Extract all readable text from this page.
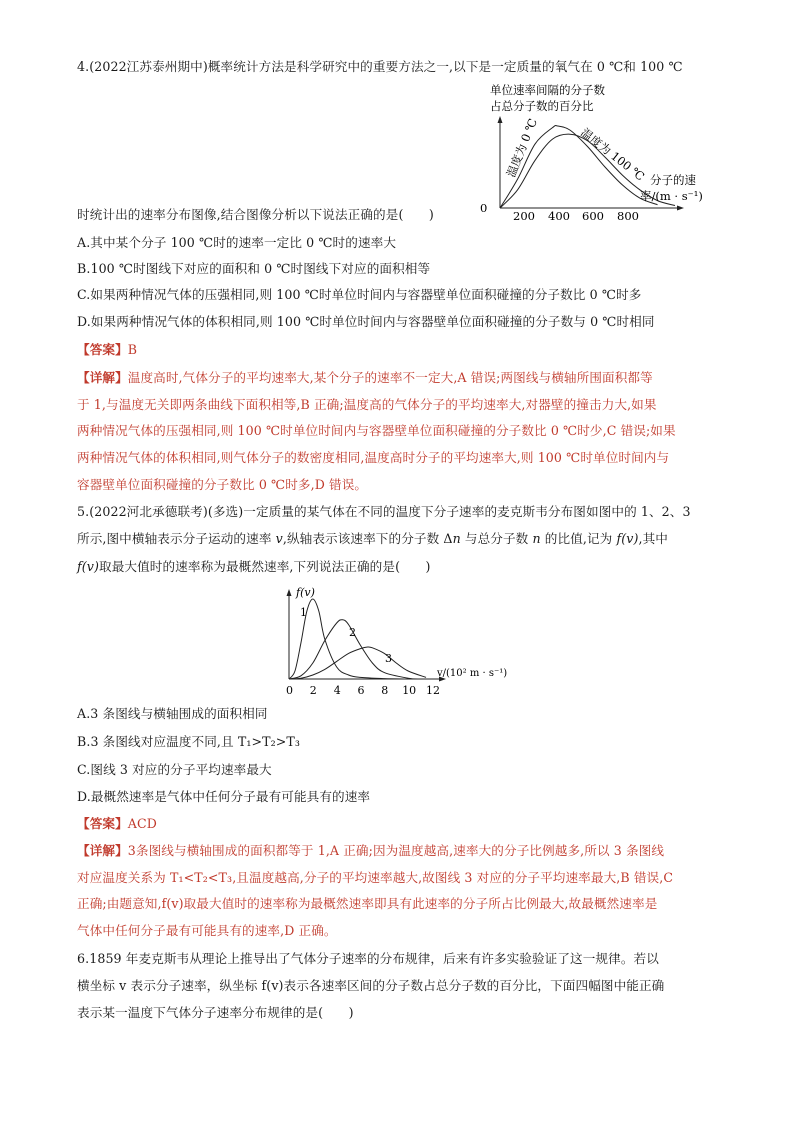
4.(2022江苏泰州期中)概率统计方法是科学研究中的重要方法之一,以下是一定质量的氧气在 0 ℃和 100 ℃
单位速率间隔的分子数
占总分子数的百分比
0
200 400 600 800
温度为 0 ℃	温度为 100 ℃ 分子的速
率/(m · s⁻¹)
时统计出的速率分布图像,结合图像分析以下说法正确的是(　　)
A.其中某个分子 100 ℃时的速率一定比 0 ℃时的速率大
B.100 ℃时图线下对应的面积和 0 ℃时图线下对应的面积相等
C.如果两种情况气体的压强相同,则 100 ℃时单位时间内与容器壁单位面积碰撞的分子数比 0 ℃时多
D.如果两种情况气体的体积相同,则 100 ℃时单位时间内与容器壁单位面积碰撞的分子数与 0 ℃时相同
【答案】B
【详解】温度高时,气体分子的平均速率大,某个分子的速率不一定大,A 错误;两图线与横轴所围面积都等
于 1,与温度无关即两条曲线下面积相等,B 正确;温度高的气体分子的平均速率大,对器壁的撞击力大,如果
两种情况气体的压强相同,则 100 ℃时单位时间内与容器壁单位面积碰撞的分子数比 0 ℃时少,C 错误;如果
两种情况气体的体积相同,则气体分子的数密度相同,温度高时分子的平均速率大,则 100 ℃时单位时间内与
容器壁单位面积碰撞的分子数比 0 ℃时多,D 错误。
5.(2022河北承德联考)(多选)一定质量的某气体在不同的温度下分子速率的麦克斯韦分布图如图中的 1、2、3
所示,图中横轴表示分子运动的速率 v,纵轴表示该速率下的分子数 Δn 与总分子数 n 的比值,记为 f(v),其中
f(v)取最大值时的速率称为最概然速率,下列说法正确的是(　　)
f(v)
0 2 4 6 8 10 12
1
2
3
v/(10² m · s⁻¹)
A.3 条图线与横轴围成的面积相同
B.3 条图线对应温度不同,且 T₁>T₂>T₃
C.图线 3 对应的分子平均速率最大
D.最概然速率是气体中任何分子最有可能具有的速率
【答案】ACD
【详解】3条图线与横轴围成的面积都等于 1,A 正确;因为温度越高,速率大的分子比例越多,所以 3 条图线
对应温度关系为 T₁<T₂<T₃,且温度越高,分子的平均速率越大,故图线 3 对应的分子平均速率最大,B 错误,C
正确;由题意知,f(v)取最大值时的速率称为最概然速率即具有此速率的分子所占比例最大,故最概然速率是
气体中任何分子最有可能具有的速率,D 正确。
6.1859 年麦克斯韦从理论上推导出了气体分子速率的分布规律，后来有许多实验验证了这一规律。若以
横坐标 v 表示分子速率，纵坐标 f(v)表示各速率区间的分子数占总分子数的百分比，下面四幅图中能正确
表示某一温度下气体分子速率分布规律的是(　　)
